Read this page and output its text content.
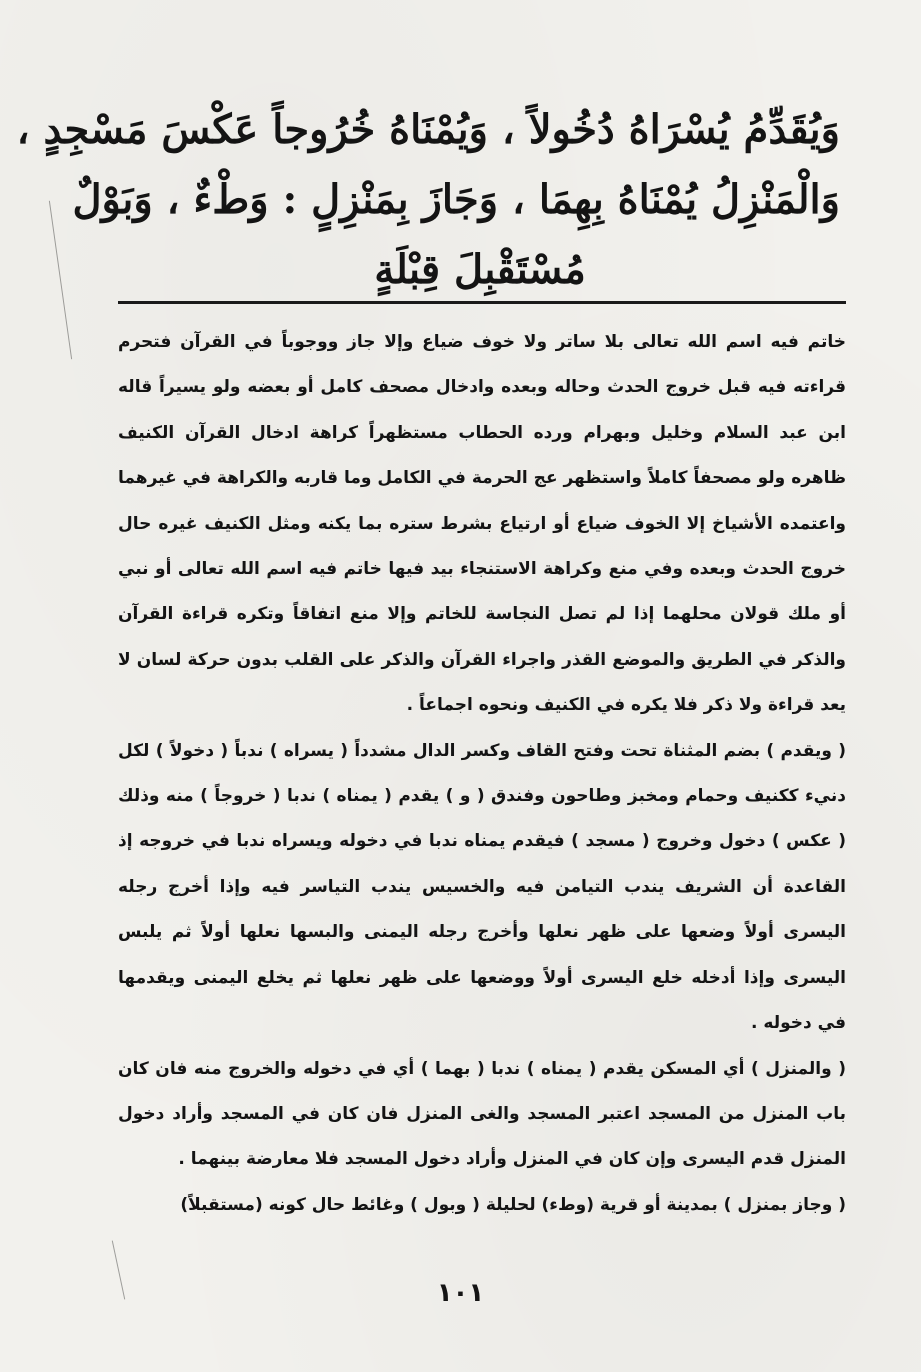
وَيُقَدِّمُ يُسْرَاهُ دُخُولاً ، وَيُمْنَاهُ خُرُوجاً عَكْسَ مَسْجِدٍ ،
وَالْمَنْزِلُ يُمْنَاهُ بِهِمَا ، وَجَازَ بِمَنْزِلٍ : وَطْءٌ ، وَبَوْلٌ
مُسْتَقْبِلَ قِبْلَةٍ

خاتم فيه اسم الله تعالى بلا ساتر ولا خوف ضياع وإلا جاز ووجوباً في القرآن فتحرم قراءته فيه قبل خروج الحدث وحاله وبعده وادخال مصحف كامل أو بعضه ولو يسيراً قاله ابن عبد السلام وخليل وبهرام ورده الحطاب مستظهراً كراهة ادخال القرآن الكنيف ظاهره ولو مصحفاً كاملاً واستظهر عج الحرمة في الكامل وما قاربه والكراهة في غيرهما واعتمده الأشياخ إلا الخوف ضياع أو ارتياع بشرط ستره بما يكنه ومثل الكنيف غيره حال خروج الحدث وبعده وفي منع وكراهة الاستنجاء بيد فيها خاتم فيه اسم الله تعالى أو نبي أو ملك قولان محلهما إذا لم تصل النجاسة للخاتم وإلا منع اتفاقاً وتكره قراءة القرآن والذكر في الطريق والموضع القذر واجراء القرآن والذكر على القلب بدون حركة لسان لا يعد قراءة ولا ذكر فلا يكره في الكنيف ونحوه اجماعاً .

( ويقدم ) بضم المثناة تحت وفتح القاف وكسر الدال مشدداً ( يسراه ) ندباً ( دخولاً ) لكل دنيء ككنيف وحمام ومخبز وطاحون وفندق ( و ) يقدم ( يمناه ) ندبا ( خروجاً ) منه وذلك ( عكس ) دخول وخروج ( مسجد ) فيقدم يمناه ندبا في دخوله ويسراه ندبا في خروجه إذ القاعدة أن الشريف يندب التيامن فيه والخسيس يندب التياسر فيه وإذا أخرج رجله اليسرى أولاً وضعها على ظهر نعلها وأخرج رجله اليمنى والبسها نعلها أولاً ثم يلبس اليسرى وإذا أدخله خلع اليسرى أولاً ووضعها على ظهر نعلها ثم يخلع اليمنى ويقدمها في دخوله .

( والمنزل ) أي المسكن يقدم ( يمناه ) ندبا ( بهما ) أي في دخوله والخروج منه فان كان باب المنزل من المسجد اعتبر المسجد والغى المنزل فان كان في المسجد وأراد دخول المنزل قدم اليسرى وإن كان في المنزل وأراد دخول المسجد فلا معارضة بينهما .

( وجاز بمنزل ) بمدينة أو قرية (وطء) لحليلة ( وبول ) وغائط حال كونه (مستقبلاً)

١٠١
